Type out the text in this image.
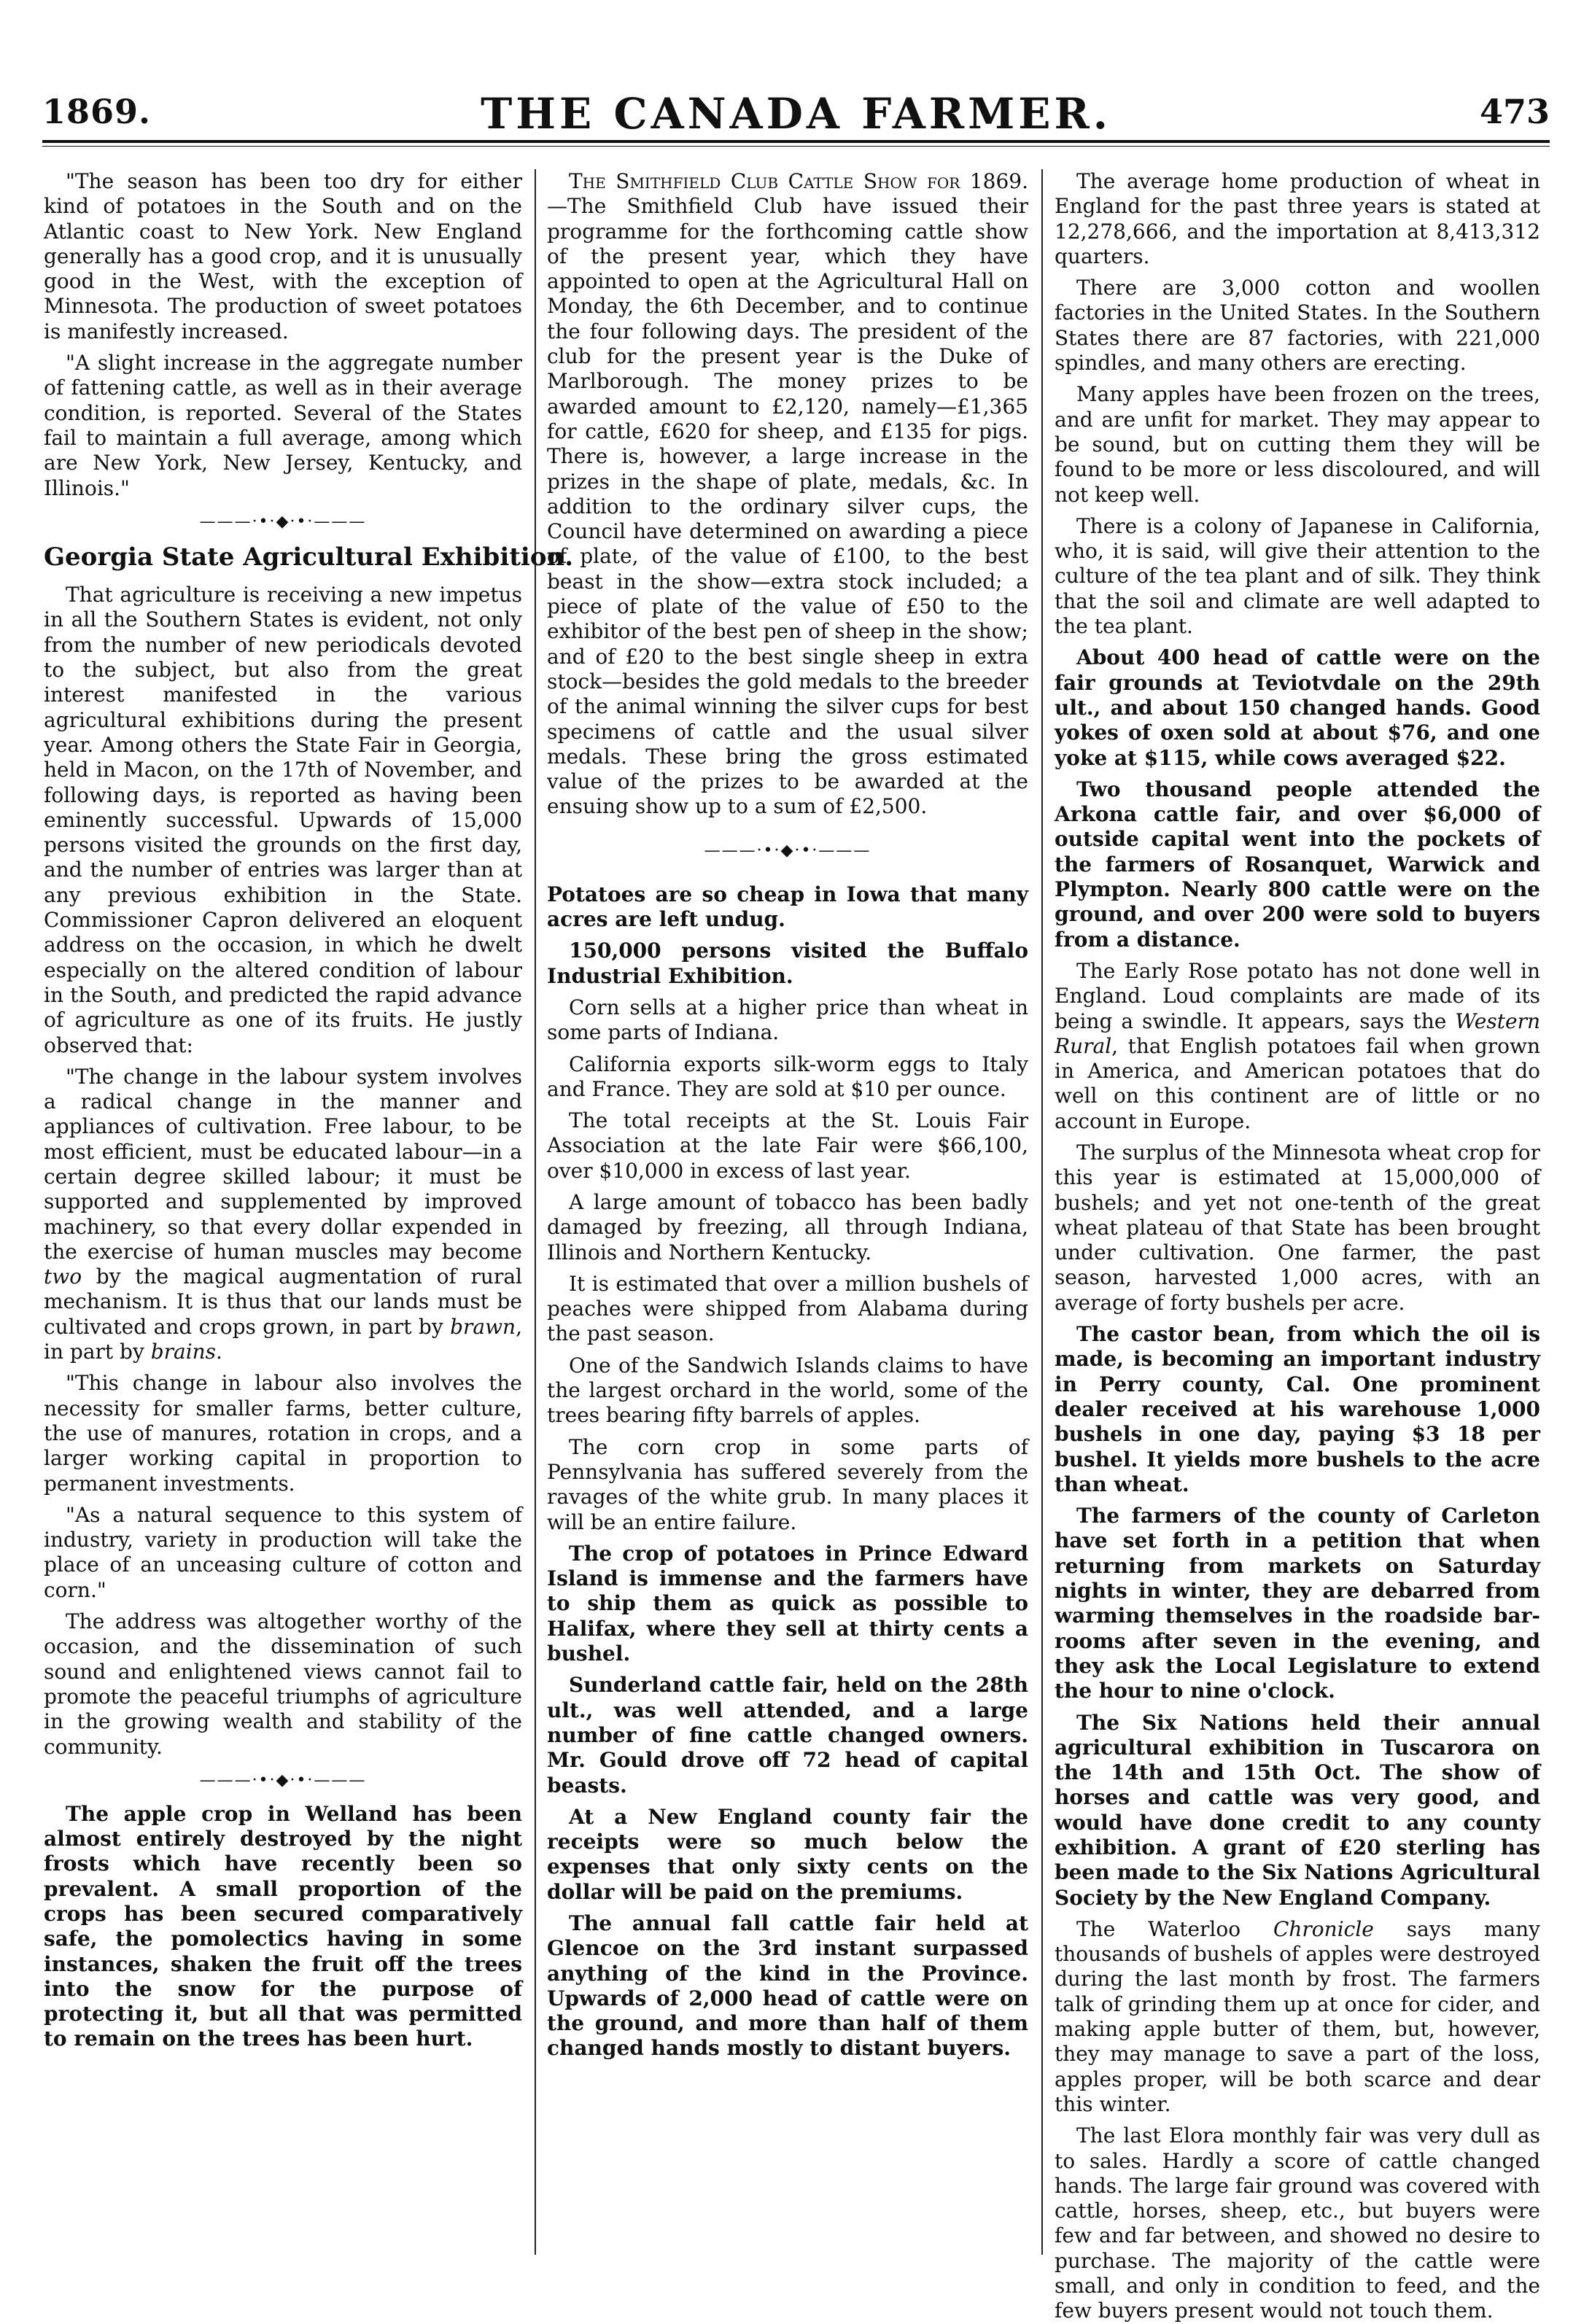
1869.	THE CANADA FARMER.	473

"The season has been too dry for either kind of potatoes in the South and on the Atlantic coast to New York. New England generally has a good crop, and it is unusually good in the West, with the exception of Minnesota. The production of sweet potatoes is manifestly increased.

"A slight increase in the aggregate number of fattening cattle, as well as in their average condition, is reported. Several of the States fail to maintain a full average, among which are New York, New Jersey, Kentucky, and Illinois."

———·•·◆·•·———
Georgia State Agricultural Exhibition.

That agriculture is receiving a new impetus in all the Southern States is evident, not only from the number of new periodicals devoted to the subject, but also from the great interest manifested in the various agricultural exhibitions during the present year. Among others the State Fair in Georgia, held in Macon, on the 17th of November, and following days, is reported as having been eminently successful. Upwards of 15,000 persons visited the grounds on the first day, and the number of entries was larger than at any previous exhibition in the State. Commissioner Capron delivered an eloquent address on the occasion, in which he dwelt especially on the altered condition of labour in the South, and predicted the rapid advance of agriculture as one of its fruits. He justly observed that:

"The change in the labour system involves a radical change in the manner and appliances of cultivation. Free labour, to be most efficient, must be educated labour—in a certain degree skilled labour; it must be supported and supplemented by improved machinery, so that every dollar expended in the exercise of human muscles may become two by the magical augmentation of rural mechanism. It is thus that our lands must be cultivated and crops grown, in part by brawn, in part by brains.

"This change in labour also involves the necessity for smaller farms, better culture, the use of manures, rotation in crops, and a larger working capital in proportion to permanent investments.

"As a natural sequence to this system of industry, variety in production will take the place of an unceasing culture of cotton and corn."

The address was altogether worthy of the occasion, and the dissemination of such sound and enlightened views cannot fail to promote the peaceful triumphs of agriculture in the growing wealth and stability of the community.

———·•·◆·•·———

The apple crop in Welland has been almost entirely destroyed by the night frosts which have recently been so prevalent. A small proportion of the crops has been secured comparatively safe, the pomolectics having in some instances, shaken the fruit off the trees into the snow for the purpose of protecting it, but all that was permitted to remain on the trees has been hurt.

The Smithfield Club Cattle Show for 1869.—The Smithfield Club have issued their programme for the forthcoming cattle show of the present year, which they have appointed to open at the Agricultural Hall on Monday, the 6th December, and to continue the four following days. The president of the club for the present year is the Duke of Marlborough. The money prizes to be awarded amount to £2,120, namely—£1,365 for cattle, £620 for sheep, and £135 for pigs. There is, however, a large increase in the prizes in the shape of plate, medals, &c. In addition to the ordinary silver cups, the Council have determined on awarding a piece of plate, of the value of £100, to the best beast in the show—extra stock included; a piece of plate of the value of £50 to the exhibitor of the best pen of sheep in the show; and of £20 to the best single sheep in extra stock—besides the gold medals to the breeder of the animal winning the silver cups for best specimens of cattle and the usual silver medals. These bring the gross estimated value of the prizes to be awarded at the ensuing show up to a sum of £2,500.

———·•·◆·•·———

Potatoes are so cheap in Iowa that many acres are left undug.

150,000 persons visited the Buffalo Industrial Exhibition.

Corn sells at a higher price than wheat in some parts of Indiana.

California exports silk-worm eggs to Italy and France. They are sold at $10 per ounce.

The total receipts at the St. Louis Fair Association at the late Fair were $66,100, over $10,000 in excess of last year.

A large amount of tobacco has been badly damaged by freezing, all through Indiana, Illinois and Northern Kentucky.

It is estimated that over a million bushels of peaches were shipped from Alabama during the past season.

One of the Sandwich Islands claims to have the largest orchard in the world, some of the trees bearing fifty barrels of apples.

The corn crop in some parts of Pennsylvania has suffered severely from the ravages of the white grub. In many places it will be an entire failure.

The crop of potatoes in Prince Edward Island is immense and the farmers have to ship them as quick as possible to Halifax, where they sell at thirty cents a bushel.

Sunderland cattle fair, held on the 28th ult., was well attended, and a large number of fine cattle changed owners. Mr. Gould drove off 72 head of capital beasts.

At a New England county fair the receipts were so much below the expenses that only sixty cents on the dollar will be paid on the premiums.

The annual fall cattle fair held at Glencoe on the 3rd instant surpassed anything of the kind in the Province. Upwards of 2,000 head of cattle were on the ground, and more than half of them changed hands mostly to distant buyers.

The average home production of wheat in England for the past three years is stated at 12,278,666, and the importation at 8,413,312 quarters.

There are 3,000 cotton and woollen factories in the United States. In the Southern States there are 87 factories, with 221,000 spindles, and many others are erecting.

Many apples have been frozen on the trees, and are unfit for market. They may appear to be sound, but on cutting them they will be found to be more or less discoloured, and will not keep well.

There is a colony of Japanese in California, who, it is said, will give their attention to the culture of the tea plant and of silk. They think that the soil and climate are well adapted to the tea plant.

About 400 head of cattle were on the fair grounds at Teviotvdale on the 29th ult., and about 150 changed hands. Good yokes of oxen sold at about $76, and one yoke at $115, while cows averaged $22.

Two thousand people attended the Arkona cattle fair, and over $6,000 of outside capital went into the pockets of the farmers of Rosanquet, Warwick and Plympton. Nearly 800 cattle were on the ground, and over 200 were sold to buyers from a distance.

The Early Rose potato has not done well in England. Loud complaints are made of its being a swindle. It appears, says the Western Rural, that English potatoes fail when grown in America, and American potatoes that do well on this continent are of little or no account in Europe.

The surplus of the Minnesota wheat crop for this year is estimated at 15,000,000 of bushels; and yet not one-tenth of the great wheat plateau of that State has been brought under cultivation. One farmer, the past season, harvested 1,000 acres, with an average of forty bushels per acre.

The castor bean, from which the oil is made, is becoming an important industry in Perry county, Cal. One prominent dealer received at his warehouse 1,000 bushels in one day, paying $3 18 per bushel. It yields more bushels to the acre than wheat.

The farmers of the county of Carleton have set forth in a petition that when returning from markets on Saturday nights in winter, they are debarred from warming themselves in the roadside bar-rooms after seven in the evening, and they ask the Local Legislature to extend the hour to nine o'clock.

The Six Nations held their annual agricultural exhibition in Tuscarora on the 14th and 15th Oct. The show of horses and cattle was very good, and would have done credit to any county exhibition. A grant of £20 sterling has been made to the Six Nations Agricultural Society by the New England Company.

The Waterloo Chronicle says many thousands of bushels of apples were destroyed during the last month by frost. The farmers talk of grinding them up at once for cider, and making apple butter of them, but, however, they may manage to save a part of the loss, apples proper, will be both scarce and dear this winter.

The last Elora monthly fair was very dull as to sales. Hardly a score of cattle changed hands. The large fair ground was covered with cattle, horses, sheep, etc., but buyers were few and far between, and showed no desire to purchase. The majority of the cattle were small, and only in condition to feed, and the few buyers present would not touch them.
